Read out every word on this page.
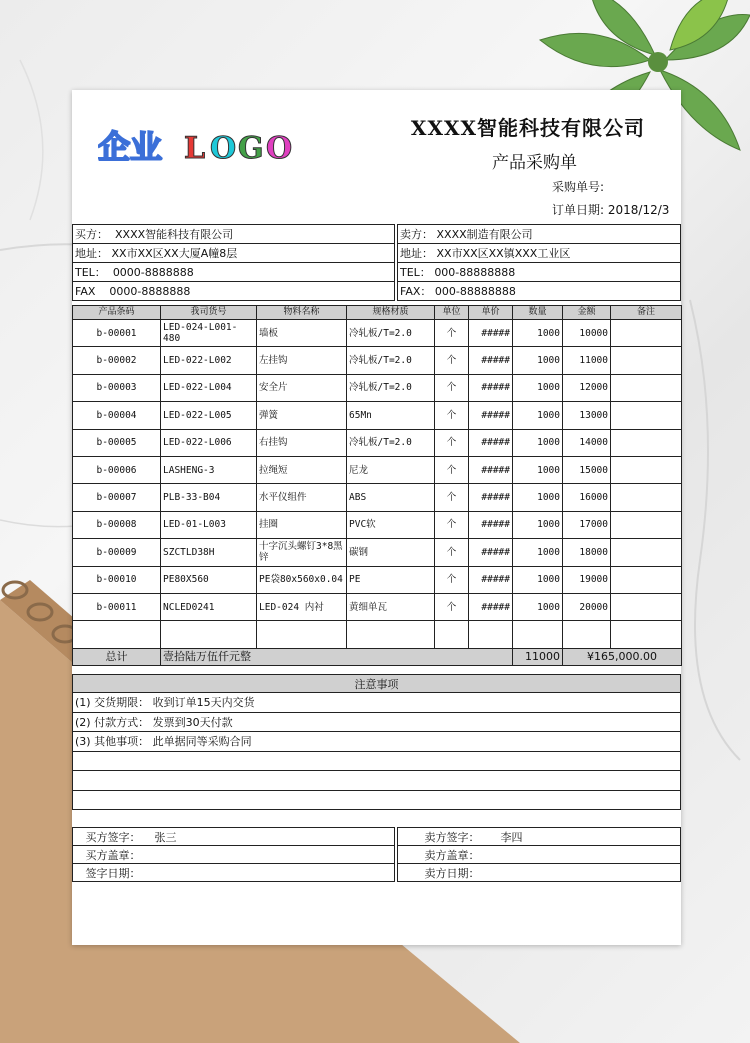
企业 L O G O
XXXX智能科技有限公司
产品采购单
采购单号:
订单日期: 2018/12/3
买方： XXXX智能科技有限公司		卖方： XXXX制造有限公司
地址： XX市XX区XX大厦A幢8层		地址： XX市XX区XX镇XXX工业区
TEL： 0000-8888888		TEL： 000-88888888
FAX 0000-8888888		FAX： 000-88888888
产品条码	我司货号	物料名称	规格材质	单位	单价	数量	金额	备注
b-00001	LED-024-L001-480	墙板	冷轧板/T=2.0	个	#####	1000	10000	
b-00002	LED-022-L002	左挂钩	冷轧板/T=2.0	个	#####	1000	11000	
b-00003	LED-022-L004	安全片	冷轧板/T=2.0	个	#####	1000	12000	
b-00004	LED-022-L005	弹簧	65Mn	个	#####	1000	13000	
b-00005	LED-022-L006	右挂钩	冷轧板/T=2.0	个	#####	1000	14000	
b-00006	LASHENG-3	拉绳短	尼龙	个	#####	1000	15000	
b-00007	PLB-33-B04	水平仪组件	ABS	个	#####	1000	16000	
b-00008	LED-01-L003	挂圈	PVC软	个	#####	1000	17000	
b-00009	SZCTLD38H	十字沉头螺钉3*8黑锌	碳钢	个	#####	1000	18000	
b-00010	PE80X560	PE袋80x560x0.04	PE	个	#####	1000	19000	
b-00011	NCLED0241	LED-024 内衬	黄细单瓦	个	#####	1000	20000	

总计	壹拾陆万伍仟元整					11000	¥165,000.00	
注意事项
(1) 交货期限： 收到订单15天内交货
(2) 付款方式： 发票到30天付款
(3) 其他事项： 此单据同等采购合同

买方签字： 张三		卖方签字： 李四
买方盖章：		卖方盖章：
签字日期：		卖方日期：
